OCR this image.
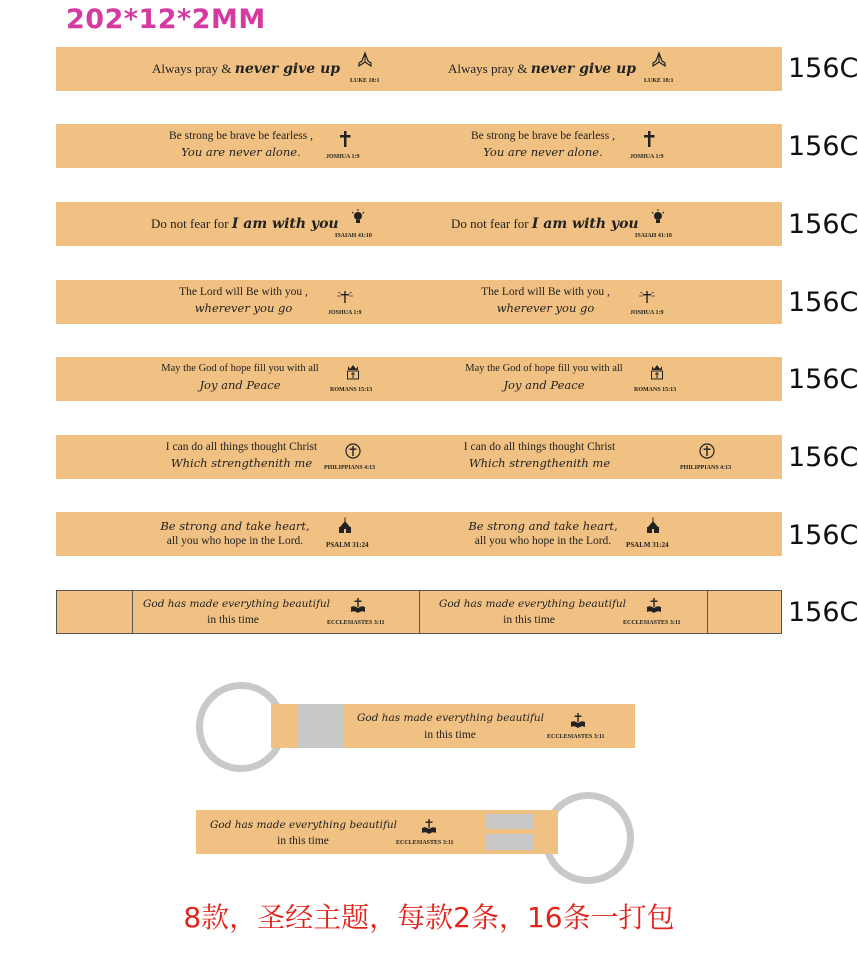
202*12*2MM
Always pray & never give up
LUKE 18:1
Always pray & never give up
LUKE 18:1	156C
Be strong be brave be fearless ,
You are never alone.	JOSHUA 1:9
Be strong be brave be fearless ,
You are never alone.	JOSHUA 1:9	156C
Do not fear for I am with you
ISAIAH 41:10
Do not fear for I am with you
ISAIAH 41:10	156C
The Lord will Be with you ,
wherever you go	JOSHUA 1:9
The Lord will Be with you ,
wherever you go	JOSHUA 1:9	156C
May the God of hope fill you with all
Joy and Peace	ROMANS 15:13
May the God of hope fill you with all
Joy and Peace	ROMANS 15:13	156C
I can do all things thought Christ
Which strengthenith me	PHILIPPIANS 4:13
I can do all things thought Christ
Which strengthenith me	PHILIPPIANS 4:13 156C
Be strong and take heart,
all you who hope in the Lord.	PSALM 31:24
Be strong and take heart,
all you who hope in the Lord.	PSALM 31:24	156C
God has made everything beautiful
in this time	ECCLESIASTES 3:11
God has made everything beautiful
in this time	ECCLESIASTES 3:11	156C
God has made everything beautiful
in this time	ECCLESIASTES 3:11
God has made everything beautiful
in this time	ECCLESIASTES 3:11
8款，圣经主题，每款2条，16条一打包
